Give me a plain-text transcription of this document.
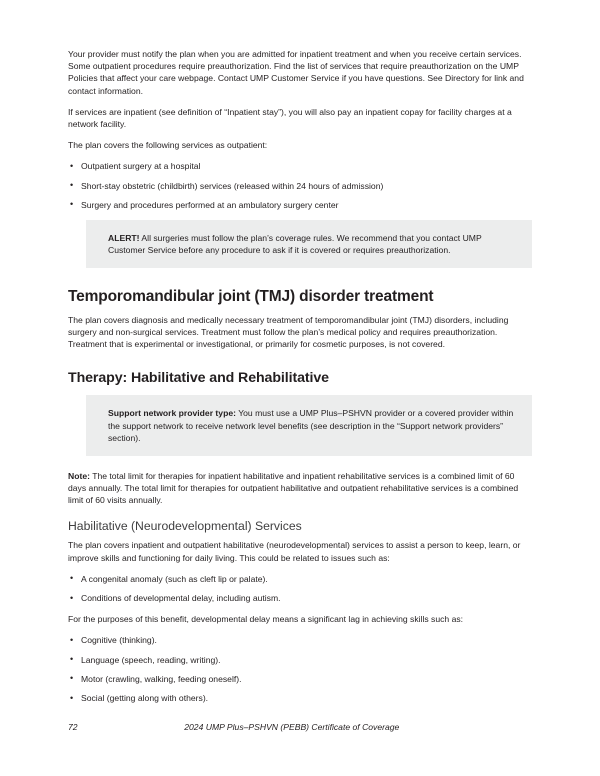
Your provider must notify the plan when you are admitted for inpatient treatment and when you receive certain services. Some outpatient procedures require preauthorization. Find the list of services that require preauthorization on the UMP Policies that affect your care webpage. Contact UMP Customer Service if you have questions. See Directory for link and contact information.

If services are inpatient (see definition of “Inpatient stay”), you will also pay an inpatient copay for facility charges at a network facility.

The plan covers the following services as outpatient:

• Outpatient surgery at a hospital
• Short-stay obstetric (childbirth) services (released within 24 hours of admission)
• Surgery and procedures performed at an ambulatory surgery center

ALERT! All surgeries must follow the plan’s coverage rules. We recommend that you contact UMP Customer Service before any procedure to ask if it is covered or requires preauthorization.

Temporomandibular joint (TMJ) disorder treatment

The plan covers diagnosis and medically necessary treatment of temporomandibular joint (TMJ) disorders, including surgery and non-surgical services. Treatment must follow the plan’s medical policy and requires preauthorization. Treatment that is experimental or investigational, or primarily for cosmetic purposes, is not covered.

Therapy: Habilitative and Rehabilitative

Support network provider type: You must use a UMP Plus–PSHVN provider or a covered provider within the support network to receive network level benefits (see description in the “Support network providers” section).

Note: The total limit for therapies for inpatient habilitative and inpatient rehabilitative services is a combined limit of 60 days annually. The total limit for therapies for outpatient habilitative and outpatient rehabilitative services is a combined limit of 60 visits annually.

Habilitative (Neurodevelopmental) Services

The plan covers inpatient and outpatient habilitative (neurodevelopmental) services to assist a person to keep, learn, or improve skills and functioning for daily living. This could be related to issues such as:

• A congenital anomaly (such as cleft lip or palate).
• Conditions of developmental delay, including autism.

For the purposes of this benefit, developmental delay means a significant lag in achieving skills such as:

• Cognitive (thinking).
• Language (speech, reading, writing).
• Motor (crawling, walking, feeding oneself).
• Social (getting along with others).
72	2024 UMP Plus–PSHVN (PEBB) Certificate of Coverage
